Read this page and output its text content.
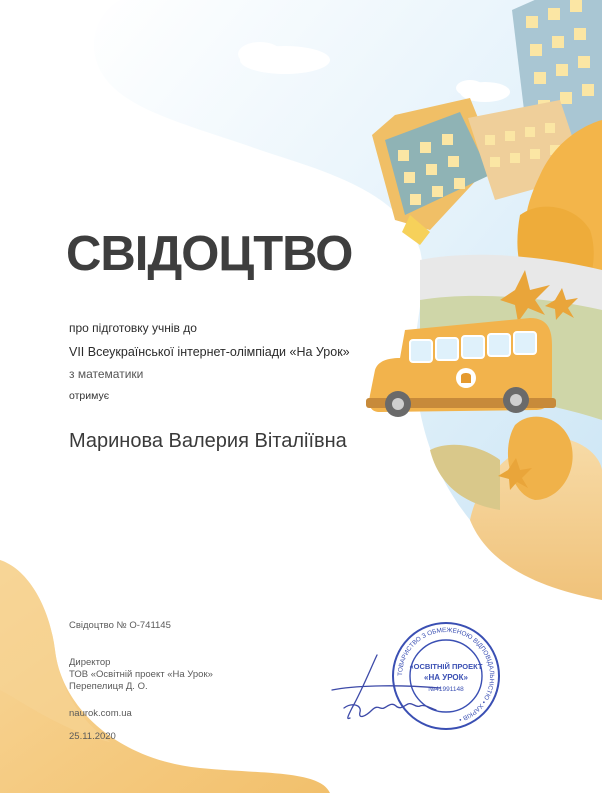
СВІДОЦТВО
про підготовку учнів до
VІІ Всеукраїнської інтернет-олімпіади «На Урок»
з математики
отримує
Маринова Валерия Віталіївна
Свідоцтво № О-741145
Директор
ТОВ «Освітній проект «На Урок»
Перепелиця Д. О.
naurok.com.ua
25.11.2020
ТОВАРИСТВО З ОБМЕЖЕНОЮ ВІДПОВІДАЛЬНІСТЮ • ХАРКІВ •
«ОСВІТНІЙ ПРОЕКТ
«НА УРОК»
№41991148
